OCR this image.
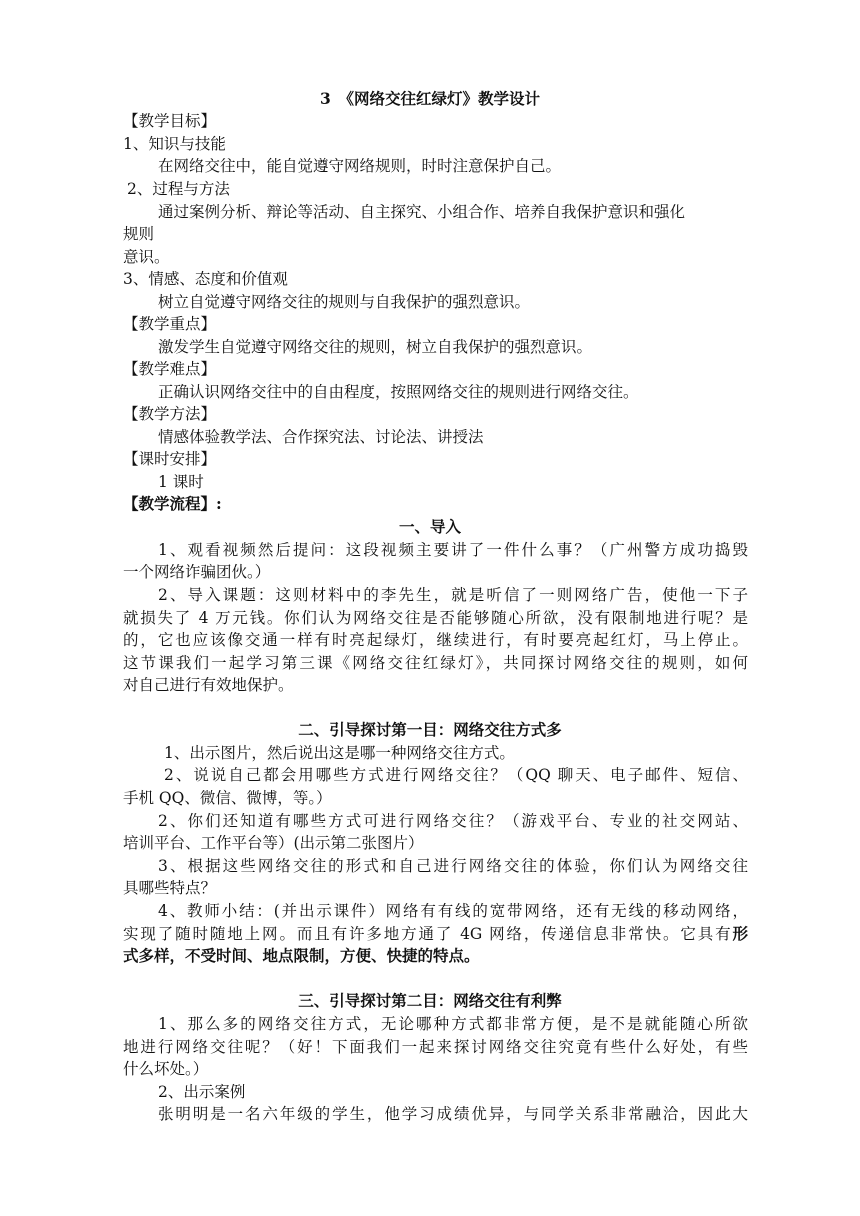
3　《网络交往红绿灯》教学设计
【教学目标】
1、知识与技能
在网络交往中，能自觉遵守网络规则，时时注意保护自己。
2、过程与方法
通过案例分析、辩论等活动、自主探究、小组合作、培养自我保护意识和强化
规则
意识。
3、情感、态度和价值观
树立自觉遵守网络交往的规则与自我保护的强烈意识。
【教学重点】
激发学生自觉遵守网络交往的规则，树立自我保护的强烈意识。
【教学难点】
正确认识网络交往中的自由程度，按照网络交往的规则进行网络交往。
【教学方法】
情感体验教学法、合作探究法、讨论法、讲授法
【课时安排】
1 课时
【教学流程】:
一、导入
1、观看视频然后提问：这段视频主要讲了一件什么事？（广州警方成功捣毁
一个网络诈骗团伙。）
2、导入课题：这则材料中的李先生，就是听信了一则网络广告，使他一下子
就损失了 4 万元钱。你们认为网络交往是否能够随心所欲，没有限制地进行呢？是
的，它也应该像交通一样有时亮起绿灯，继续进行，有时要亮起红灯，马上停止。
这节课我们一起学习第三课《网络交往红绿灯》，共同探讨网络交往的规则，如何
对自己进行有效地保护。
二、引导探讨第一目：网络交往方式多
1、出示图片，然后说出这是哪一种网络交往方式。
2、说说自己都会用哪些方式进行网络交往？（QQ 聊天、电子邮件、短信、
手机 QQ、微信、微博，等。）
2、你们还知道有哪些方式可进行网络交往？（游戏平台、专业的社交网站、
培训平台、工作平台等）(出示第二张图片）
3、根据这些网络交往的形式和自己进行网络交往的体验，你们认为网络交往
具哪些特点？
4、教师小结：(并出示课件）网络有有线的宽带网络，还有无线的移动网络，
实现了随时随地上网。而且有许多地方通了 4G 网络，传递信息非常快。它具有形
式多样，不受时间、地点限制，方便、快捷的特点。
三、引导探讨第二目：网络交往有利弊
1、那么多的网络交往方式，无论哪种方式都非常方便，是不是就能随心所欲
地进行网络交往呢？（好！下面我们一起来探讨网络交往究竟有些什么好处，有些
什么坏处。）
2、出示案例
张明明是一名六年级的学生，他学习成绩优异，与同学关系非常融洽，因此大
